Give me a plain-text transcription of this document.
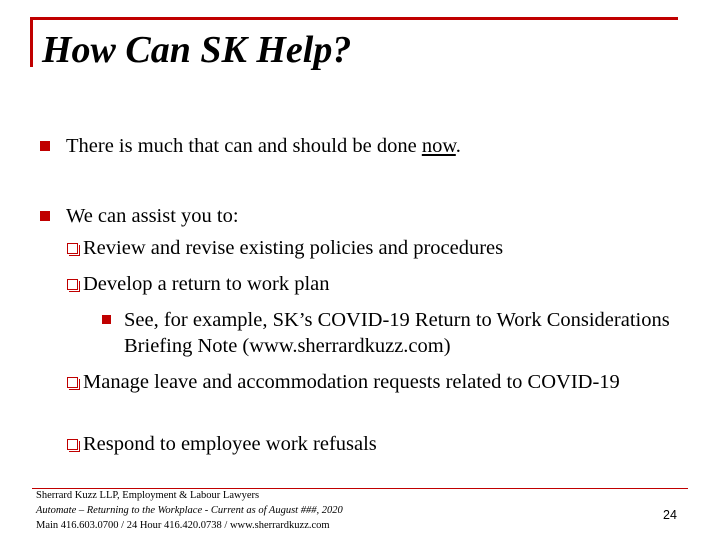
How Can SK Help?
There is much that can and should be done now.
We can assist you to:
Review and revise existing policies and procedures
Develop a return to work plan
See, for example, SK’s COVID-19 Return to Work Considerations Briefing Note (www.sherrardkuzz.com)
Manage leave and accommodation requests related to COVID-19
Respond to employee work refusals
Sherrard Kuzz LLP, Employment & Labour Lawyers
Automate – Returning to the Workplace - Current as of August ###, 2020
Main 416.603.0700 / 24 Hour 416.420.0738 / www.sherrardkuzz.com
24
